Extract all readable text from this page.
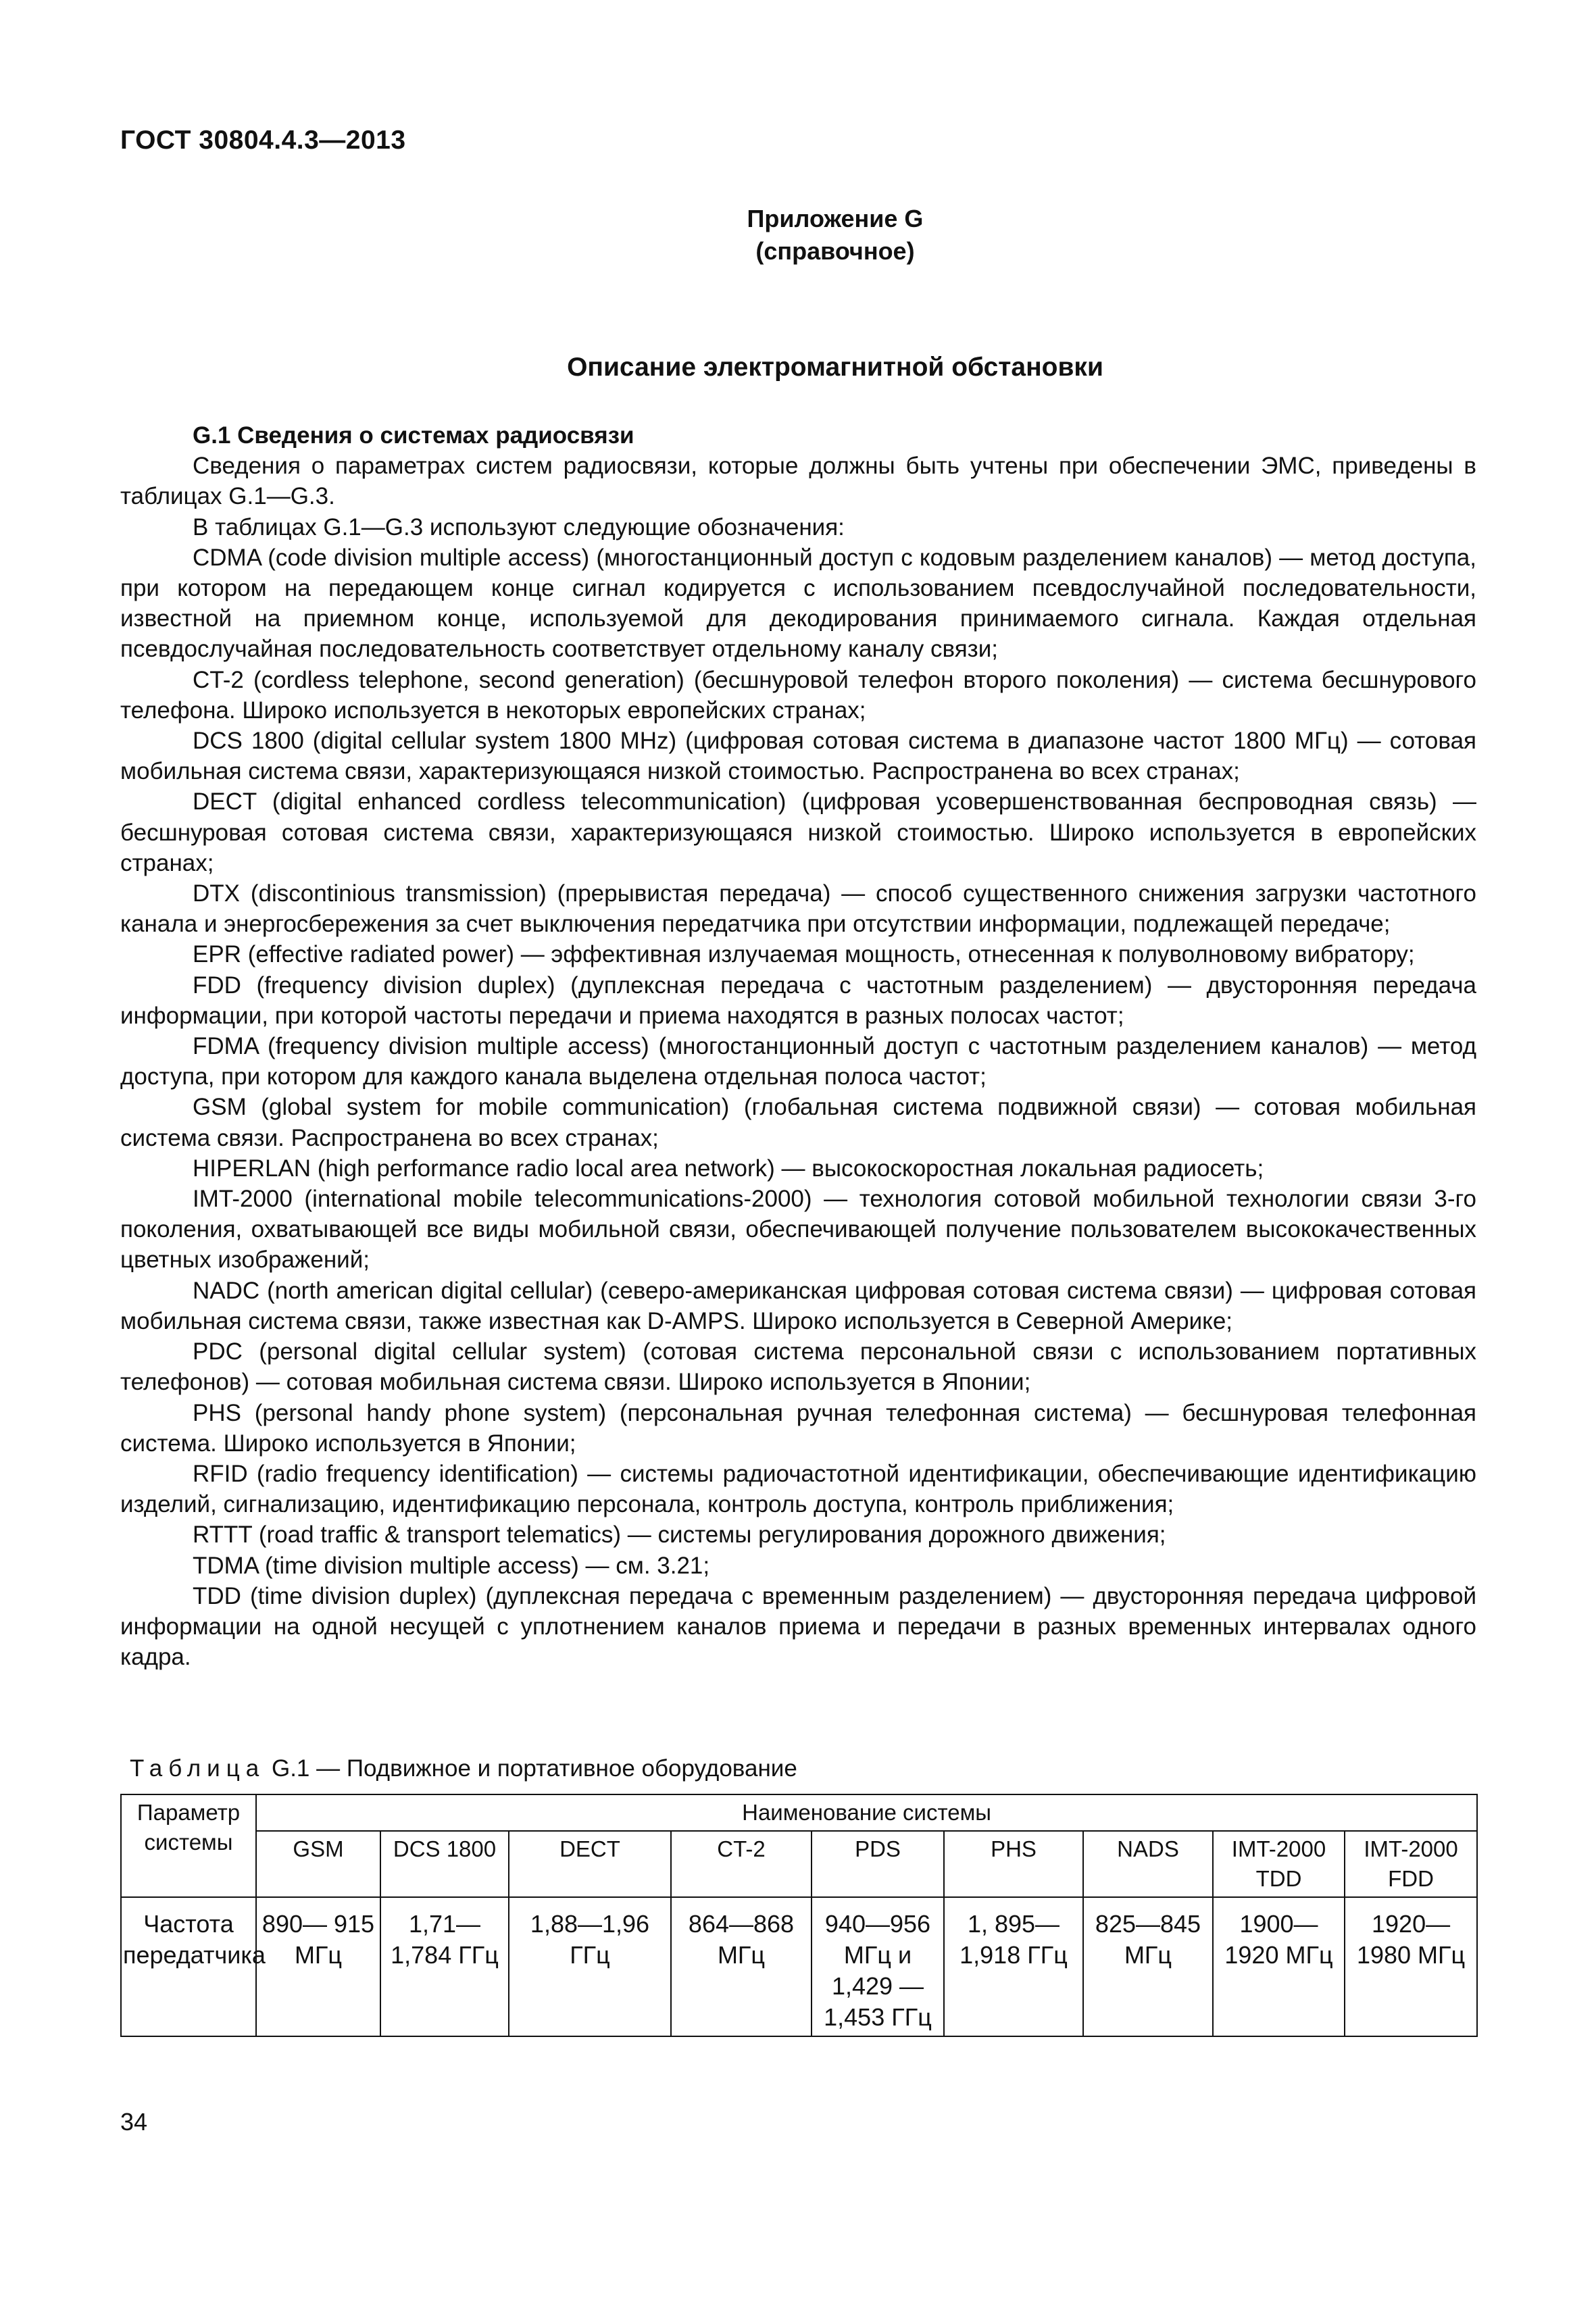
ГОСТ 30804.4.3—2013
Приложение G
(справочное)
Описание электромагнитной обстановки
G.1 Сведения о системах радиосвязи

Сведения о параметрах систем радиосвязи, которые должны быть учтены при обеспечении ЭМС, приведены в таблицах G.1—G.3.

В таблицах G.1—G.3 используют следующие обозначения:

CDMA (code division multiple access) (многостанционный доступ с кодовым разделением каналов) — метод доступа, при котором на передающем конце сигнал кодируется с использованием псевдослучайной последовательности, известной на приемном конце, используемой для декодирования принимаемого сигнала. Каждая отдельная псевдослучайная последовательность соответствует отдельному каналу связи;

CT-2 (cordless telephone, second generation) (бесшнуровой телефон второго поколения) — система бесшнурового телефона. Широко используется в некоторых европейских странах;

DCS 1800 (digital cellular system 1800 MHz) (цифровая сотовая система в диапазоне частот 1800 МГц) — сотовая мобильная система связи, характеризующаяся низкой стоимостью. Распространена во всех странах;

DECT (digital enhanced cordless telecommunication) (цифровая усовершенствованная беспроводная связь) — бесшнуровая сотовая система связи, характеризующаяся низкой стоимостью. Широко используется в европейских странах;

DTX (discontinious transmission) (прерывистая передача) — способ существенного снижения загрузки частотного канала и энергосбережения за счет выключения передатчика при отсутствии информации, подлежащей передаче;

EPR (effective radiated power) — эффективная излучаемая мощность, отнесенная к полуволновому вибратору;

FDD (frequency division duplex) (дуплексная передача с частотным разделением) — двусторонняя передача информации, при которой частоты передачи и приема находятся в разных полосах частот;

FDMA (frequency division multiple access) (многостанционный доступ с частотным разделением каналов) — метод доступа, при котором для каждого канала выделена отдельная полоса частот;

GSM (global system for mobile communication) (глобальная система подвижной связи) — сотовая мобильная система связи. Распространена во всех странах;

HIPERLAN (high performance radio local area network) — высокоскоростная локальная радиосеть;

IMT-2000 (international mobile telecommunications-2000) — технология сотовой мобильной технологии связи 3-го поколения, охватывающей все виды мобильной связи, обеспечивающей получение пользователем высококачественных цветных изображений;

NADC (north american digital cellular) (северо-американская цифровая сотовая система связи) — цифровая сотовая мобильная система связи, также известная как D-AMPS. Широко используется в Северной Америке;

PDC (personal digital cellular system) (сотовая система персональной связи с использованием портативных телефонов) — сотовая мобильная система связи. Широко используется в Японии;

PHS (personal handy phone system) (персональная ручная телефонная система) — бесшнуровая телефонная система. Широко используется в Японии;

RFID (radio frequency identification) — системы радиочастотной идентификации, обеспечивающие идентификацию изделий, сигнализацию, идентификацию персонала, контроль доступа, контроль приближения;

RTTT (road traffic & transport telematics) — системы регулирования дорожного движения;

TDMA (time division multiple access) — см. 3.21;

TDD (time division duplex) (дуплексная передача с временным разделением) — двусторонняя передача цифровой информации на одной несущей с уплотнением каналов приема и передачи в разных временных интервалах одного кадра.

Таблица G.1 — Подвижное и портативное оборудование
Параметр системы	Наименование системы								
	GSM	DCS 1800	DECT	CT-2	PDS	PHS	NADS	IMT-2000 TDD	IMT-2000 FDD
Частота передатчика	890— 915 МГц	1,71— 1,784 ГГц	1,88—1,96 ГГц	864—868 МГц	940—956 МГц и 1,429 —1,453 ГГц	1, 895— 1,918 ГГц	825—845 МГц	1900— 1920 МГц	1920— 1980 МГц
34
